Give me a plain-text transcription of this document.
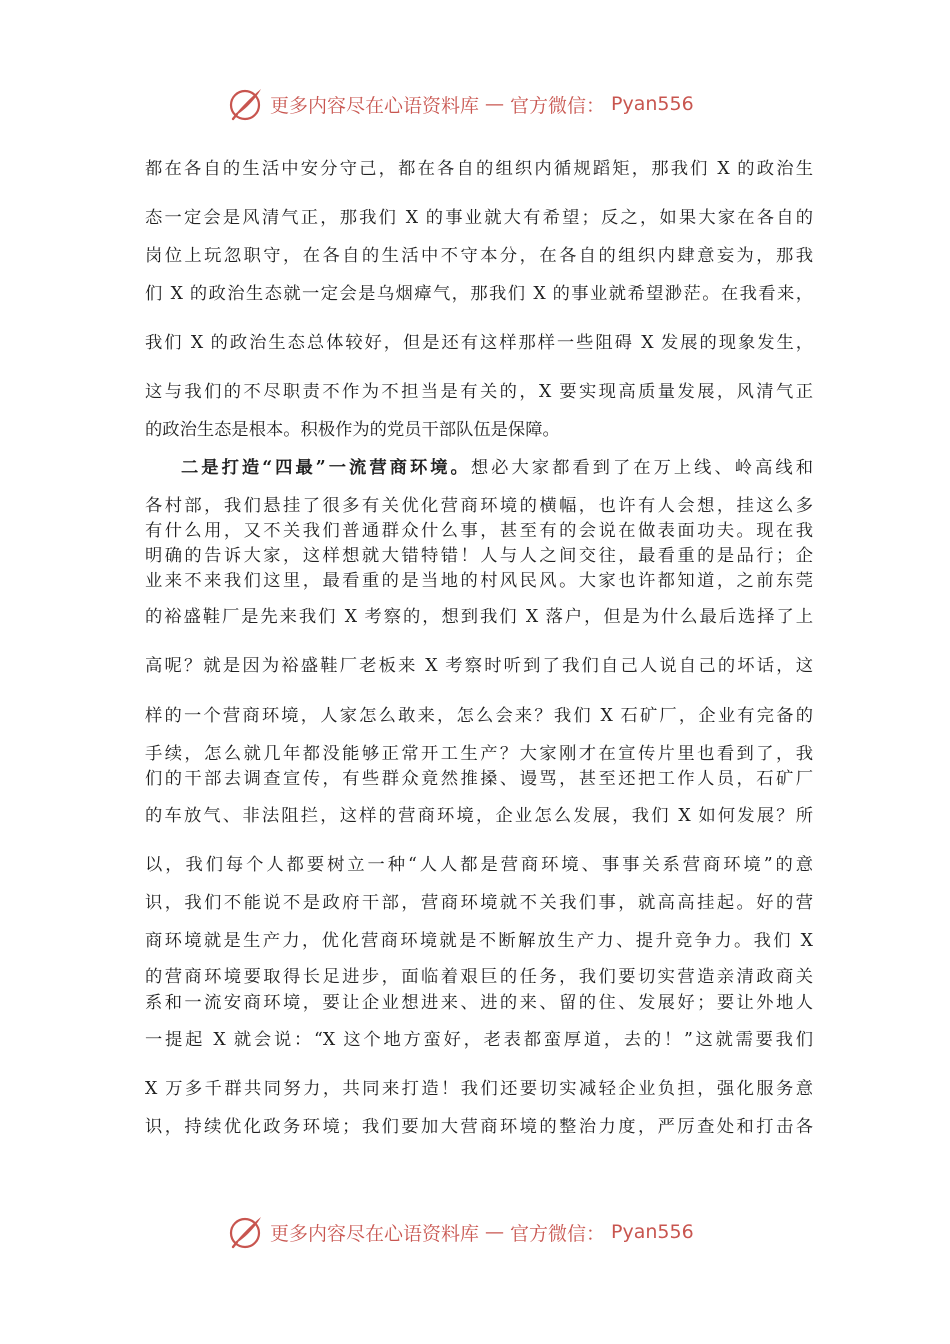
更多内容尽在心语资料库 — 官方微信： Pyan556
都在各自的生活中安分守己，都在各自的组织内循规蹈矩，那我们 X 的政治生
态一定会是风清气正，那我们 X 的事业就大有希望；反之，如果大家在各自的
岗位上玩忽职守，在各自的生活中不守本分，在各自的组织内肆意妄为，那我
们 X 的政治生态就一定会是乌烟瘴气，那我们 X 的事业就希望渺茫。在我看来，
我们 X 的政治生态总体较好，但是还有这样那样一些阻碍 X 发展的现象发生，
这与我们的不尽职责不作为不担当是有关的，X 要实现高质量发展，风清气正
的政治生态是根本。积极作为的党员干部队伍是保障。
二是打造“四最”一流营商环境。想必大家都看到了在万上线、岭高线和
各村部，我们悬挂了很多有关优化营商环境的横幅，也许有人会想，挂这么多
有什么用，又不关我们普通群众什么事，甚至有的会说在做表面功夫。现在我
明确的告诉大家，这样想就大错特错！人与人之间交往，最看重的是品行；企
业来不来我们这里，最看重的是当地的村风民风。大家也许都知道，之前东莞
的裕盛鞋厂是先来我们 X 考察的，想到我们 X 落户，但是为什么最后选择了上
高呢？就是因为裕盛鞋厂老板来 X 考察时听到了我们自己人说自己的坏话，这
样的一个营商环境，人家怎么敢来，怎么会来？我们 X 石矿厂，企业有完备的
手续，怎么就几年都没能够正常开工生产？大家刚才在宣传片里也看到了，我
们的干部去调查宣传，有些群众竟然推搡、谩骂，甚至还把工作人员，石矿厂
的车放气、非法阻拦，这样的营商环境，企业怎么发展，我们 X 如何发展？所
以，我们每个人都要树立一种“人人都是营商环境、事事关系营商环境”的意
识，我们不能说不是政府干部，营商环境就不关我们事，就高高挂起。好的营
商环境就是生产力，优化营商环境就是不断解放生产力、提升竞争力。我们 X
的营商环境要取得长足进步，面临着艰巨的任务，我们要切实营造亲清政商关
系和一流安商环境，要让企业想进来、进的来、留的住、发展好；要让外地人
一提起 X 就会说：“X 这个地方蛮好，老表都蛮厚道，去的！”这就需要我们
X 万多千群共同努力，共同来打造！我们还要切实减轻企业负担，强化服务意
识，持续优化政务环境；我们要加大营商环境的整治力度，严厉查处和打击各
更多内容尽在心语资料库 — 官方微信： Pyan556
